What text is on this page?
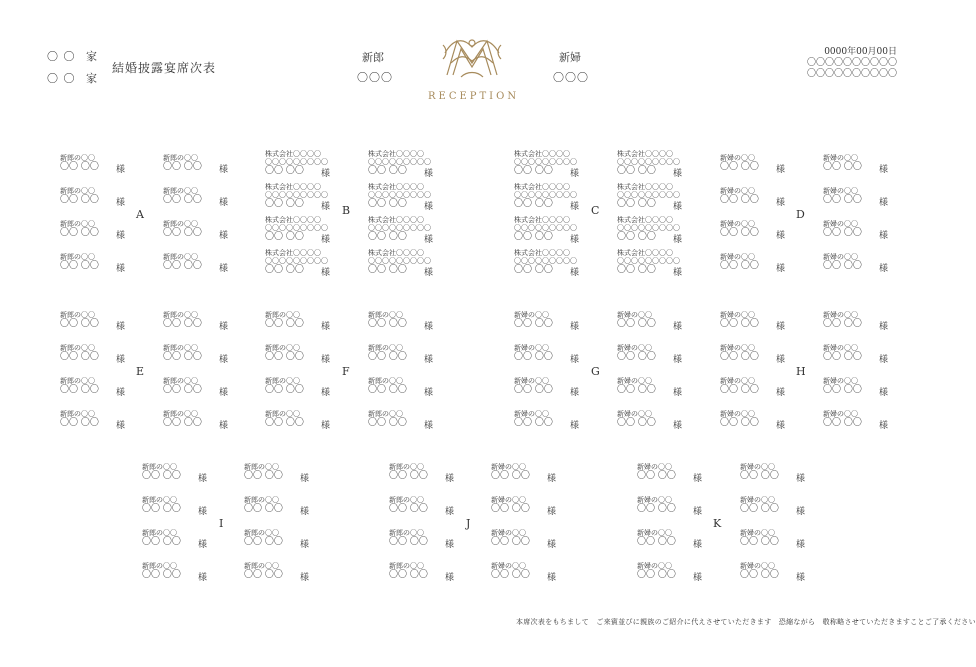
〇 〇 家
〇 〇 家
結婚披露宴席次表
新郎
〇〇〇
RECEPTION
新婦
〇〇〇
0000年00月00日
〇〇〇〇〇〇〇〇〇〇
〇〇〇〇〇〇〇〇〇〇
A
新郎の〇〇
〇〇 〇〇	様
新郎の〇〇
〇〇 〇〇	様
新郎の〇〇
〇〇 〇〇	様
新郎の〇〇
〇〇 〇〇	様
新郎の〇〇
〇〇 〇〇	様
新郎の〇〇
〇〇 〇〇	様
新郎の〇〇
〇〇 〇〇	様
新郎の〇〇
〇〇 〇〇	様
B
株式会社〇〇〇〇
〇〇〇〇〇〇〇〇〇
〇〇 〇〇	様
株式会社〇〇〇〇
〇〇〇〇〇〇〇〇〇
〇〇 〇〇	様
株式会社〇〇〇〇
〇〇〇〇〇〇〇〇〇
〇〇 〇〇	様
株式会社〇〇〇〇
〇〇〇〇〇〇〇〇〇
〇〇 〇〇	様
株式会社〇〇〇〇
〇〇〇〇〇〇〇〇〇
〇〇 〇〇	様
株式会社〇〇〇〇
〇〇〇〇〇〇〇〇〇
〇〇 〇〇	様
株式会社〇〇〇〇
〇〇〇〇〇〇〇〇〇
〇〇 〇〇	様
株式会社〇〇〇〇
〇〇〇〇〇〇〇〇〇
〇〇 〇〇	様
C
株式会社〇〇〇〇
〇〇〇〇〇〇〇〇〇
〇〇 〇〇	様
株式会社〇〇〇〇
〇〇〇〇〇〇〇〇〇
〇〇 〇〇	様
株式会社〇〇〇〇
〇〇〇〇〇〇〇〇〇
〇〇 〇〇	様
株式会社〇〇〇〇
〇〇〇〇〇〇〇〇〇
〇〇 〇〇	様
株式会社〇〇〇〇
〇〇〇〇〇〇〇〇〇
〇〇 〇〇	様
株式会社〇〇〇〇
〇〇〇〇〇〇〇〇〇
〇〇 〇〇	様
株式会社〇〇〇〇
〇〇〇〇〇〇〇〇〇
〇〇 〇〇	様
株式会社〇〇〇〇
〇〇〇〇〇〇〇〇〇
〇〇 〇〇	様
D
新婦の〇〇
〇〇 〇〇	様
新婦の〇〇
〇〇 〇〇	様
新婦の〇〇
〇〇 〇〇	様
新婦の〇〇
〇〇 〇〇	様
新婦の〇〇
〇〇 〇〇	様
新婦の〇〇
〇〇 〇〇	様
新婦の〇〇
〇〇 〇〇	様
新婦の〇〇
〇〇 〇〇	様
E
新郎の〇〇
〇〇 〇〇	様
新郎の〇〇
〇〇 〇〇	様
新郎の〇〇
〇〇 〇〇	様
新郎の〇〇
〇〇 〇〇	様
新郎の〇〇
〇〇 〇〇	様
新郎の〇〇
〇〇 〇〇	様
新郎の〇〇
〇〇 〇〇	様
新郎の〇〇
〇〇 〇〇	様
F
新郎の〇〇
〇〇 〇〇	様
新郎の〇〇
〇〇 〇〇	様
新郎の〇〇
〇〇 〇〇	様
新郎の〇〇
〇〇 〇〇	様
新郎の〇〇
〇〇 〇〇	様
新郎の〇〇
〇〇 〇〇	様
新郎の〇〇
〇〇 〇〇	様
新郎の〇〇
〇〇 〇〇	様
G
新婦の〇〇
〇〇 〇〇	様
新婦の〇〇
〇〇 〇〇	様
新婦の〇〇
〇〇 〇〇	様
新婦の〇〇
〇〇 〇〇	様
新婦の〇〇
〇〇 〇〇	様
新婦の〇〇
〇〇 〇〇	様
新婦の〇〇
〇〇 〇〇	様
新婦の〇〇
〇〇 〇〇	様
H
新婦の〇〇
〇〇 〇〇	様
新婦の〇〇
〇〇 〇〇	様
新婦の〇〇
〇〇 〇〇	様
新婦の〇〇
〇〇 〇〇	様
新婦の〇〇
〇〇 〇〇	様
新婦の〇〇
〇〇 〇〇	様
新婦の〇〇
〇〇 〇〇	様
新婦の〇〇
〇〇 〇〇	様
I
新郎の〇〇
〇〇 〇〇	様
新郎の〇〇
〇〇 〇〇	様
新郎の〇〇
〇〇 〇〇	様
新郎の〇〇
〇〇 〇〇	様
新郎の〇〇
〇〇 〇〇	様
新郎の〇〇
〇〇 〇〇	様
新郎の〇〇
〇〇 〇〇	様
新郎の〇〇
〇〇 〇〇	様
J
新郎の〇〇
〇〇 〇〇	様
新婦の〇〇
〇〇 〇〇	様
新郎の〇〇
〇〇 〇〇	様
新婦の〇〇
〇〇 〇〇	様
新郎の〇〇
〇〇 〇〇	様
新婦の〇〇
〇〇 〇〇	様
新郎の〇〇
〇〇 〇〇	様
新婦の〇〇
〇〇 〇〇	様
K
新婦の〇〇
〇〇 〇〇	様
新婦の〇〇
〇〇 〇〇	様
新婦の〇〇
〇〇 〇〇	様
新婦の〇〇
〇〇 〇〇	様
新婦の〇〇
〇〇 〇〇	様
新婦の〇〇
〇〇 〇〇	様
新婦の〇〇
〇〇 〇〇	様
新婦の〇〇
〇〇 〇〇	様
本席次表をもちまして　ご来賓並びに親族のご紹介に代えさせていただきます　恐縮ながら　敬称略させていただきますことご了承ください
